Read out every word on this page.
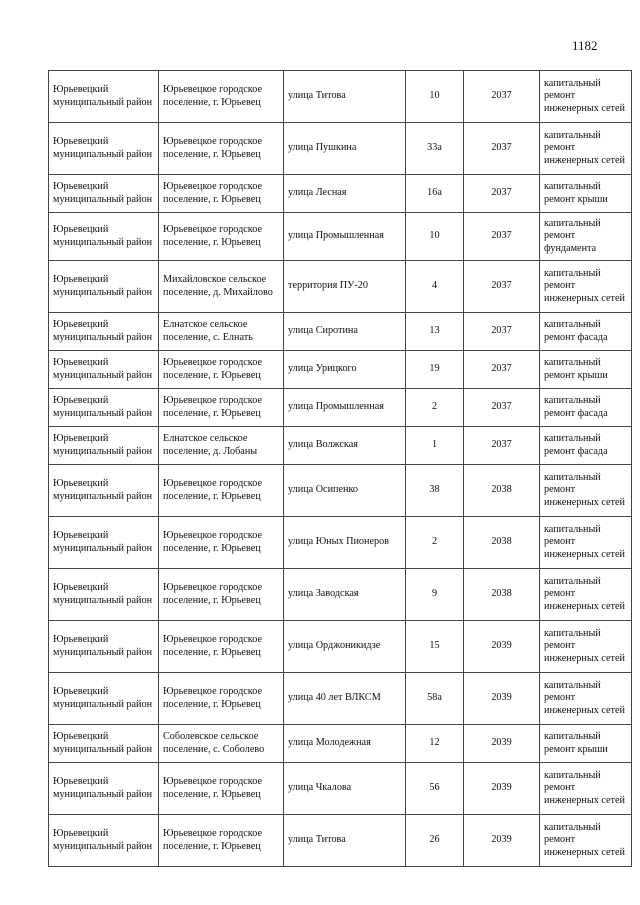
1182
Юрьевецкий муниципальный район	Юрьевецкое городское поселение, г. Юрьевец	улица Титова	10	2037	капитальный ремонт инженерных сетей
Юрьевецкий муниципальный район	Юрьевецкое городское поселение, г. Юрьевец	улица Пушкина	33а	2037	капитальный ремонт инженерных сетей
Юрьевецкий муниципальный район	Юрьевецкое городское поселение, г. Юрьевец	улица Лесная	16а	2037	капитальный ремонт крыши
Юрьевецкий муниципальный район	Юрьевецкое городское поселение, г. Юрьевец	улица Промышленная	10	2037	капитальный ремонт фундамента
Юрьевецкий муниципальный район	Михайловское сельское поселение, д. Михайлово	территория ПУ-20	4	2037	капитальный ремонт инженерных сетей
Юрьевецкий муниципальный район	Елнатское сельское поселение, с. Елнать	улица Сиротина	13	2037	капитальный ремонт фасада
Юрьевецкий муниципальный район	Юрьевецкое городское поселение, г. Юрьевец	улица Урицкого	19	2037	капитальный ремонт крыши
Юрьевецкий муниципальный район	Юрьевецкое городское поселение, г. Юрьевец	улица Промышленная	2	2037	капитальный ремонт фасада
Юрьевецкий муниципальный район	Елнатское сельское поселение, д. Лобаны	улица Волжская	1	2037	капитальный ремонт фасада
Юрьевецкий муниципальный район	Юрьевецкое городское поселение, г. Юрьевец	улица Осипенко	38	2038	капитальный ремонт инженерных сетей
Юрьевецкий муниципальный район	Юрьевецкое городское поселение, г. Юрьевец	улица Юных Пионеров	2	2038	капитальный ремонт инженерных сетей
Юрьевецкий муниципальный район	Юрьевецкое городское поселение, г. Юрьевец	улица Заводская	9	2038	капитальный ремонт инженерных сетей
Юрьевецкий муниципальный район	Юрьевецкое городское поселение, г. Юрьевец	улица Орджоникидзе	15	2039	капитальный ремонт инженерных сетей
Юрьевецкий муниципальный район	Юрьевецкое городское поселение, г. Юрьевец	улица 40 лет ВЛКСМ	58а	2039	капитальный ремонт инженерных сетей
Юрьевецкий муниципальный район	Соболевское сельское поселение, с. Соболево	улица Молодежная	12	2039	капитальный ремонт крыши
Юрьевецкий муниципальный район	Юрьевецкое городское поселение, г. Юрьевец	улица Чкалова	56	2039	капитальный ремонт инженерных сетей
Юрьевецкий муниципальный район	Юрьевецкое городское поселение, г. Юрьевец	улица Титова	26	2039	капитальный ремонт инженерных сетей
